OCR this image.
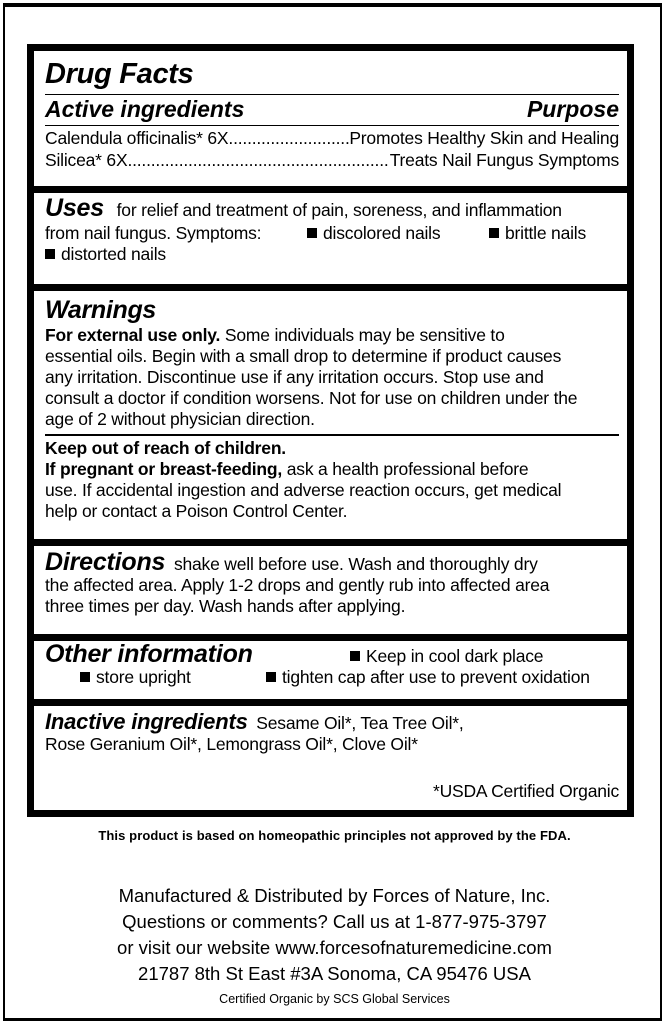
Drug Facts
Active ingredients	Purpose
Calendula officinalis* 6X .....	Promotes Healthy Skin and Healing
Silicea* 6X .....	Treats Nail Fungus Symptoms
Uses for relief and treatment of pain, soreness, and inflammation
from nail fungus. Symptoms:	discolored nails	brittle nails
distorted nails
Warnings
For external use only. Some individuals may be sensitive to
essential oils. Begin with a small drop to determine if product causes
any irritation. Discontinue use if any irritation occurs. Stop use and
consult a doctor if condition worsens. Not for use on children under the
age of 2 without physician direction.
Keep out of reach of children.
If pregnant or breast-feeding, ask a health professional before
use. If accidental ingestion and adverse reaction occurs, get medical
help or contact a Poison Control Center.
Directions shake well before use. Wash and thoroughly dry
the affected area. Apply 1-2 drops and gently rub into affected area
three times per day. Wash hands after applying.
Other information	Keep in cool dark place
store upright	tighten cap after use to prevent oxidation
Inactive ingredients Sesame Oil*, Tea Tree Oil*,
Rose Geranium Oil*, Lemongrass Oil*, Clove Oil*
*USDA Certified Organic
This product is based on homeopathic principles not approved by the FDA.
Manufactured & Distributed by Forces of Nature, Inc.
Questions or comments? Call us at 1-877-975-3797
or visit our website www.forcesofnaturemedicine.com
21787 8th St East #3A Sonoma, CA 95476 USA
Certified Organic by SCS Global Services
